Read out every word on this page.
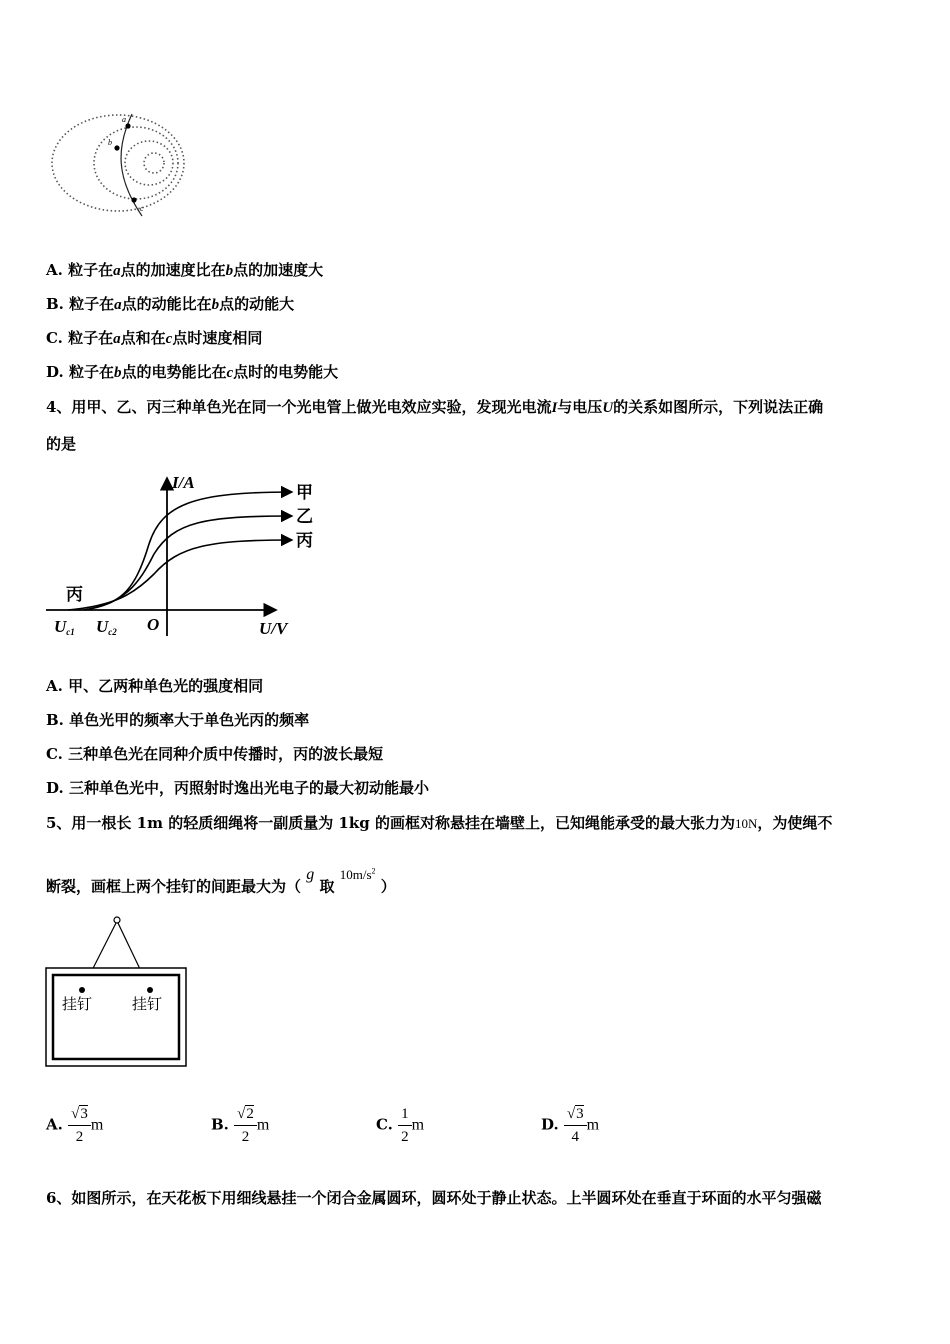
a
b
c
A. 粒子在a点的加速度比在b点的加速度大
B. 粒子在a点的动能比在b点的动能大
C. 粒子在a点和在c点时速度相同
D. 粒子在b点的电势能比在c点时的电势能大
4、用甲、乙、丙三种单色光在同一个光电管上做光电效应实验，发现光电流I与电压U的关系如图所示，下列说法正确
的是
I/A
U/V
O
甲
乙
丙
丙
Uc1 Uc2
A. 甲、乙两种单色光的强度相同
B. 单色光甲的频率大于单色光丙的频率
C. 三种单色光在同种介质中传播时，丙的波长最短
D. 三种单色光中，丙照射时逸出光电子的最大初动能最小
5、用一根长 1m 的轻质细绳将一副质量为 1kg 的画框对称悬挂在墙壁上，已知绳能承受的最大张力为10N，为使绳不
断裂，画框上两个挂钉的间距最大为（ g 取 $10m/s^2$ ）
挂钉	挂钉
A. $\frac{√3}{2}$ m	B. $\frac{√2}{2}$ m	C. $\frac{1}{2}$ m	D. $\frac{√3}{4}$ m
6、如图所示，在天花板下用细线悬挂一个闭合金属圆环，圆环处于静止状态。上半圆环处在垂直于环面的水平匀强磁
